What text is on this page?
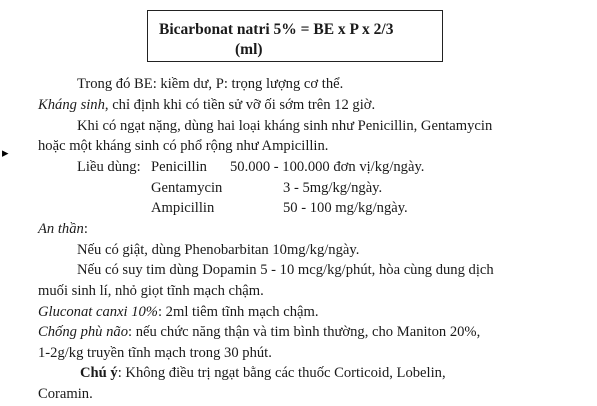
Bicarbonat natri 5% = BE x P x 2/3
(ml)
Trong đó BE: kiềm dư, P: trọng lượng cơ thể.
Kháng sinh, chỉ định khi có tiền sử vỡ ối sớm trên 12 giờ.
Khi có ngạt nặng, dùng hai loại kháng sinh như Penicillin, Gentamycin
hoặc một kháng sinh có phổ rộng như Ampicillin.
▸
Liều dùng: Penicillin 50.000 - 100.000 đơn vị/kg/ngày.
Gentamycin	3 - 5mg/kg/ngày.
Ampicillin	50 - 100 mg/kg/ngày.
An thần:
Nếu có giật, dùng Phenobarbitan 10mg/kg/ngày.
Nếu có suy tim dùng Dopamin 5 - 10 mcg/kg/phút, hòa cùng dung dịch
muối sinh lí, nhỏ giọt tĩnh mạch chậm.
Gluconat canxi 10%: 2ml tiêm tĩnh mạch chậm.
Chống phù não: nếu chức năng thận và tim bình thường, cho Maniton 20%,
1-2g/kg truyền tĩnh mạch trong 30 phút.
Chú ý: Không điều trị ngạt bằng các thuốc Corticoid, Lobelin,
Coramin.
